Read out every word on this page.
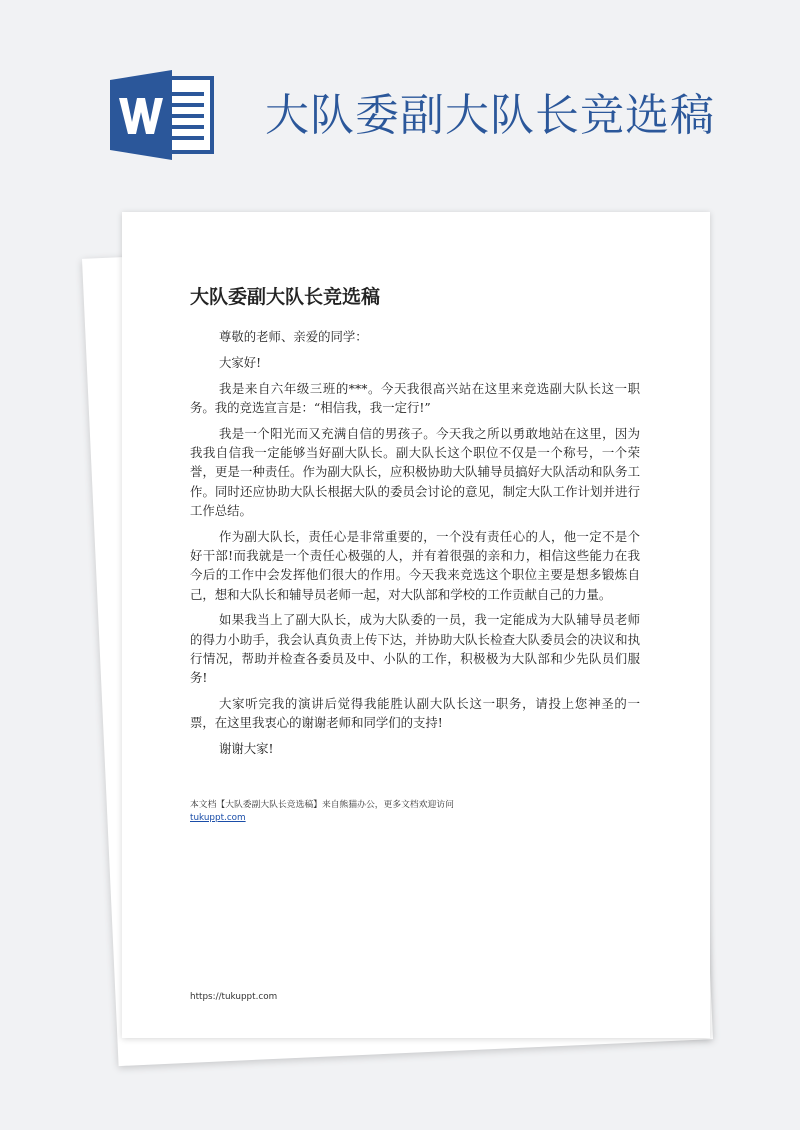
大队委副大队长竞选稿
大队委副大队长竞选稿

尊敬的老师、亲爱的同学：

大家好!

我是来自六年级三班的***。今天我很高兴站在这里来竞选副大队长这一职务。我的竞选宣言是：“相信我，我一定行!”

我是一个阳光而又充满自信的男孩子。今天我之所以勇敢地站在这里，因为我我自信我一定能够当好副大队长。副大队长这个职位不仅是一个称号，一个荣誉，更是一种责任。作为副大队长，应积极协助大队辅导员搞好大队活动和队务工作。同时还应协助大队长根据大队的委员会讨论的意见，制定大队工作计划并进行工作总结。

作为副大队长，责任心是非常重要的，一个没有责任心的人，他一定不是个好干部!而我就是一个责任心极强的人，并有着很强的亲和力，相信这些能力在我今后的工作中会发挥他们很大的作用。今天我来竞选这个职位主要是想多锻炼自己，想和大队长和辅导员老师一起，对大队部和学校的工作贡献自己的力量。

如果我当上了副大队长，成为大队委的一员，我一定能成为大队辅导员老师的得力小助手，我会认真负责上传下达，并协助大队长检查大队委员会的决议和执行情况，帮助并检查各委员及中、小队的工作，积极极为大队部和少先队员们服务!

大家听完我的演讲后觉得我能胜认副大队长这一职务，请投上您神圣的一票，在这里我衷心的谢谢老师和同学们的支持!

谢谢大家!

本文档【大队委副大队长竞选稿】来自熊猫办公，更多文档欢迎访问
tukuppt.com
https://tukuppt.com
